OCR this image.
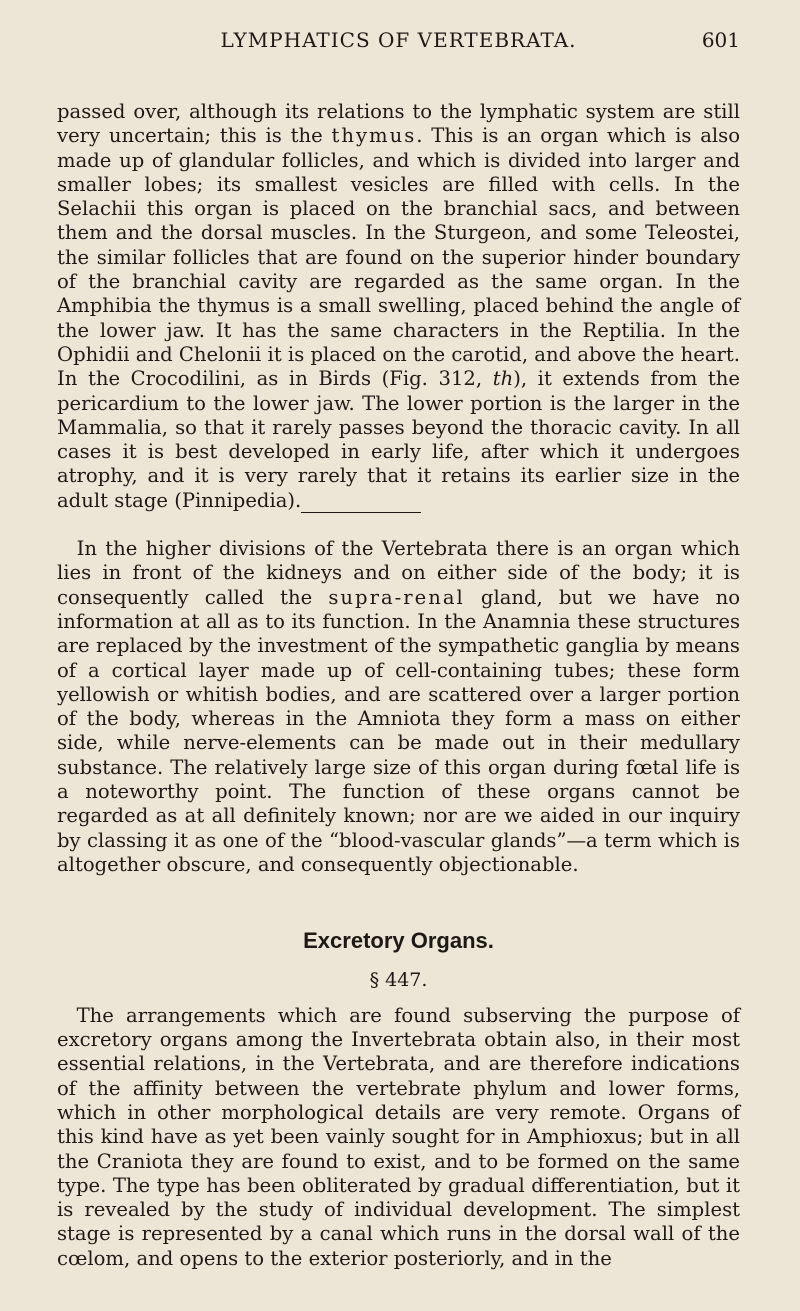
LYMPHATICS OF VERTEBRATA.	601

passed over, although its relations to the lymphatic system are still very uncertain; this is the thymus. This is an organ which is also made up of glandular follicles, and which is divided into larger and smaller lobes; its smallest vesicles are filled with cells. In the Selachii this organ is placed on the branchial sacs, and between them and the dorsal muscles. In the Sturgeon, and some Teleostei, the similar follicles that are found on the superior hinder boundary of the branchial cavity are regarded as the same organ. In the Amphibia the thymus is a small swelling, placed behind the angle of the lower jaw. It has the same characters in the Reptilia. In the Ophidii and Chelonii it is placed on the carotid, and above the heart. In the Crocodilini, as in Birds (Fig. 312, th), it extends from the pericardium to the lower jaw. The lower portion is the larger in the Mammalia, so that it rarely passes beyond the thoracic cavity. In all cases it is best developed in early life, after which it undergoes atrophy, and it is very rarely that it retains its earlier size in the adult stage (Pinnipedia).

 In the higher divisions of the Vertebrata there is an organ which lies in front of the kidneys and on either side of the body; it is consequently called the supra-renal gland, but we have no information at all as to its function. In the Anamnia these structures are replaced by the investment of the sympathetic ganglia by means of a cortical layer made up of cell-containing tubes; these form yellowish or whitish bodies, and are scattered over a larger portion of the body, whereas in the Amniota they form a mass on either side, while nerve-elements can be made out in their medullary substance. The relatively large size of this organ during fœtal life is a noteworthy point. The function of these organs cannot be regarded as at all definitely known; nor are we aided in our inquiry by classing it as one of the “blood-vascular glands”—a term which is altogether obscure, and consequently objectionable.

Excretory Organs.
§ 447.

 The arrangements which are found subserving the purpose of excretory organs among the Invertebrata obtain also, in their most essential relations, in the Vertebrata, and are therefore indications of the affinity between the vertebrate phylum and lower forms, which in other morphological details are very remote. Organs of this kind have as yet been vainly sought for in Amphioxus; but in all the Craniota they are found to exist, and to be formed on the same type. The type has been obliterated by gradual differentiation, but it is revealed by the study of individual development. The simplest stage is represented by a canal which runs in the dorsal wall of the cœlom, and opens to the exterior posteriorly, and in the
